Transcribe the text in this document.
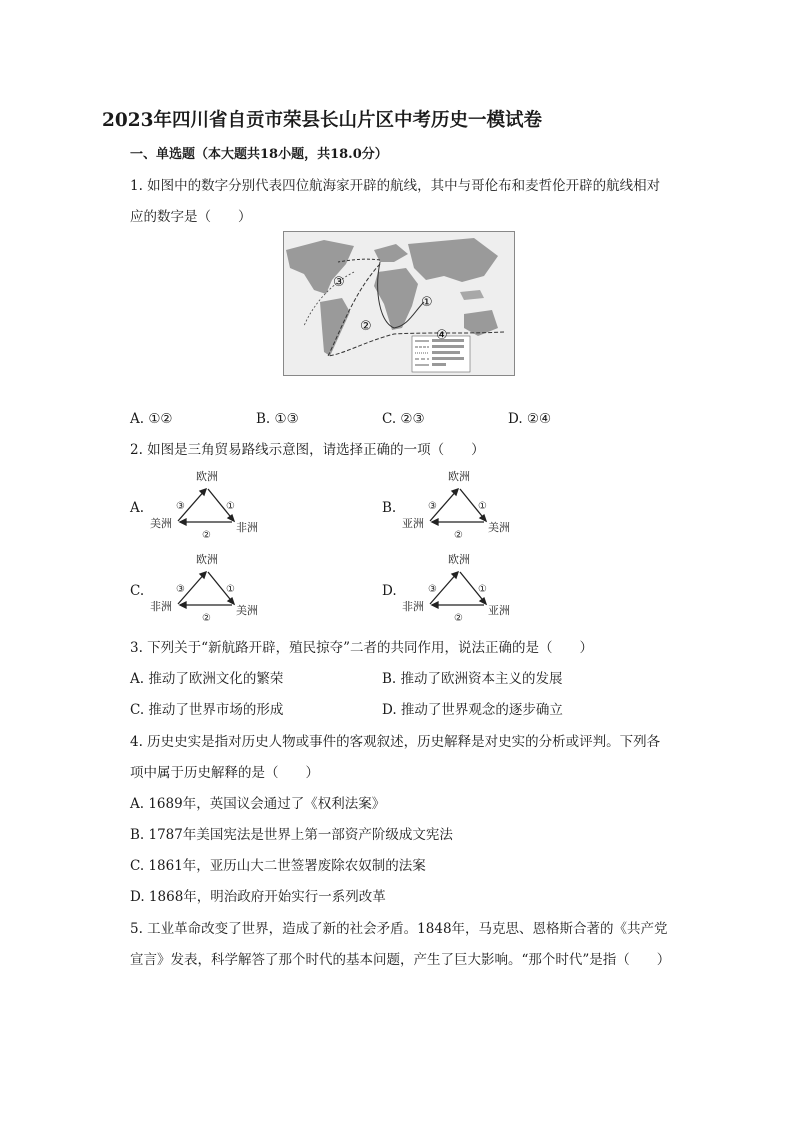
2023年四川省自贡市荣县长山片区中考历史一模试卷
一、单选题（本大题共18小题，共18.0分）
1. 如图中的数字分别代表四位航海家开辟的航线，其中与哥伦布和麦哲伦开辟的航线相对
应的数字是（　　）
③
①
②
④
A. ①②	B. ①③	C. ②③	D. ②④
2. 如图是三角贸易路线示意图，请选择正确的一项（　　）
A.
欧洲
美洲	非洲
③	①
②
B.
欧洲
亚洲	美洲
③	①
②
C.
欧洲
非洲	美洲
③	①
②
D.
欧洲
非洲	亚洲
③	①
②
3. 下列关于“新航路开辟，殖民掠夺”二者的共同作用，说法正确的是（　　）
A. 推动了欧洲文化的繁荣	B. 推动了欧洲资本主义的发展
C. 推动了世界市场的形成	D. 推动了世界观念的逐步确立
4. 历史史实是指对历史人物或事件的客观叙述，历史解释是对史实的分析或评判。下列各
项中属于历史解释的是（　　）
A. 1689年，英国议会通过了《权利法案》
B. 1787年美国宪法是世界上第一部资产阶级成文宪法
C. 1861年，亚历山大二世签署废除农奴制的法案
D. 1868年，明治政府开始实行一系列改革
5. 工业革命改变了世界，造成了新的社会矛盾。1848年，马克思、恩格斯合著的《共产党
宣言》发表，科学解答了那个时代的基本问题，产生了巨大影响。“那个时代”是指（　　）
